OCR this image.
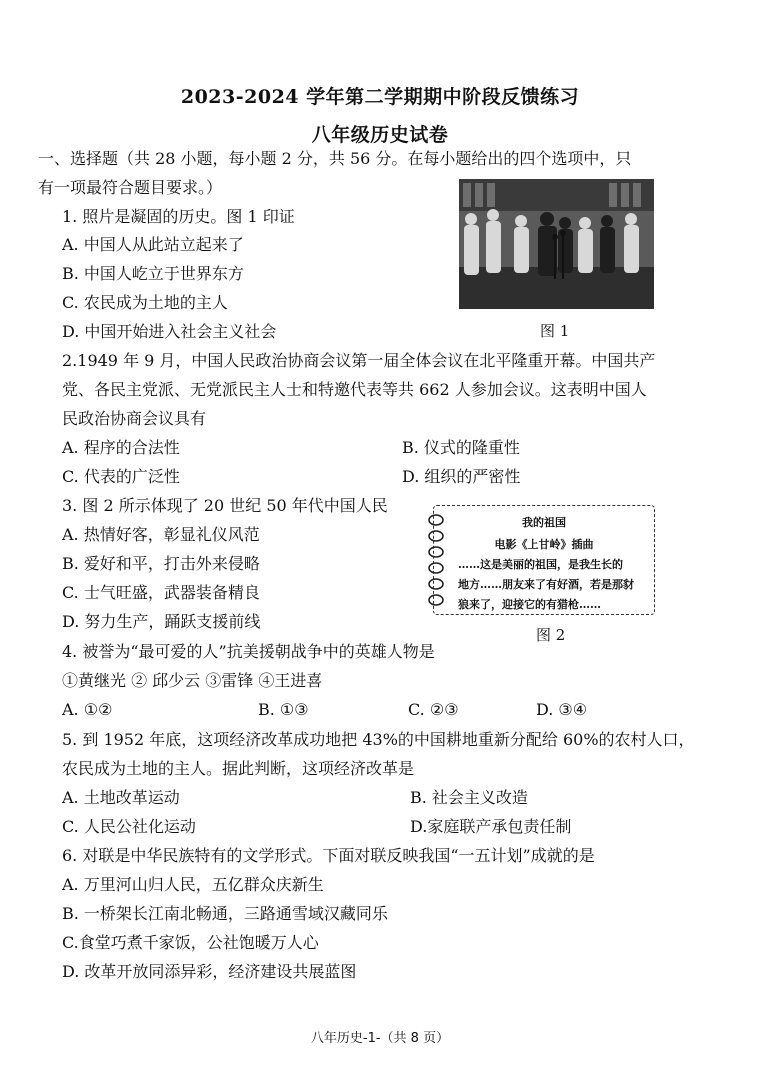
2023-2024 学年第二学期期中阶段反馈练习
八年级历史试卷
一、选择题（共 28 小题，每小题 2 分，共 56 分。在每小题给出的四个选项中，只
有一项最符合题目要求。）
1. 照片是凝固的历史。图 1 印证
A. 中国人从此站立起来了
B. 中国人屹立于世界东方
C. 农民成为土地的主人
D. 中国开始进入社会主义社会	图 1
2.1949 年 9 月，中国人民政治协商会议第一届全体会议在北平隆重开幕。中国共产
党、各民主党派、无党派民主人士和特邀代表等共 662 人参加会议。这表明中国人
民政治协商会议具有
A. 程序的合法性	B. 仪式的隆重性
C. 代表的广泛性	D. 组织的严密性
3. 图 2 所示体现了 20 世纪 50 年代中国人民
A. 热情好客，彰显礼仪风范
B. 爱好和平，打击外来侵略
C. 士气旺盛，武器装备精良
D. 努力生产，踊跃支援前线
我的祖国
电影《上甘岭》插曲
……这是美丽的祖国，是我生长的
地方……朋友来了有好酒，若是那豺
狼来了，迎接它的有猎枪……
图 2
4. 被誉为“最可爱的人”抗美援朝战争中的英雄人物是
①黄继光 ② 邱少云 ③雷锋 ④王进喜
A. ①②	B. ①③	C. ②③	D. ③④
5. 到 1952 年底，这项经济改革成功地把 43%的中国耕地重新分配给 60%的农村人口，
农民成为土地的主人。据此判断，这项经济改革是
A. 土地改革运动	B. 社会主义改造
C. 人民公社化运动	D.家庭联产承包责任制
6. 对联是中华民族特有的文学形式。下面对联反映我国“一五计划”成就的是
A. 万里河山归人民，五亿群众庆新生
B. 一桥架长江南北畅通，三路通雪域汉藏同乐
C.食堂巧煮千家饭，公社饱暖万人心
D. 改革开放同添异彩，经济建设共展蓝图
八年历史-1-（共 8 页）
